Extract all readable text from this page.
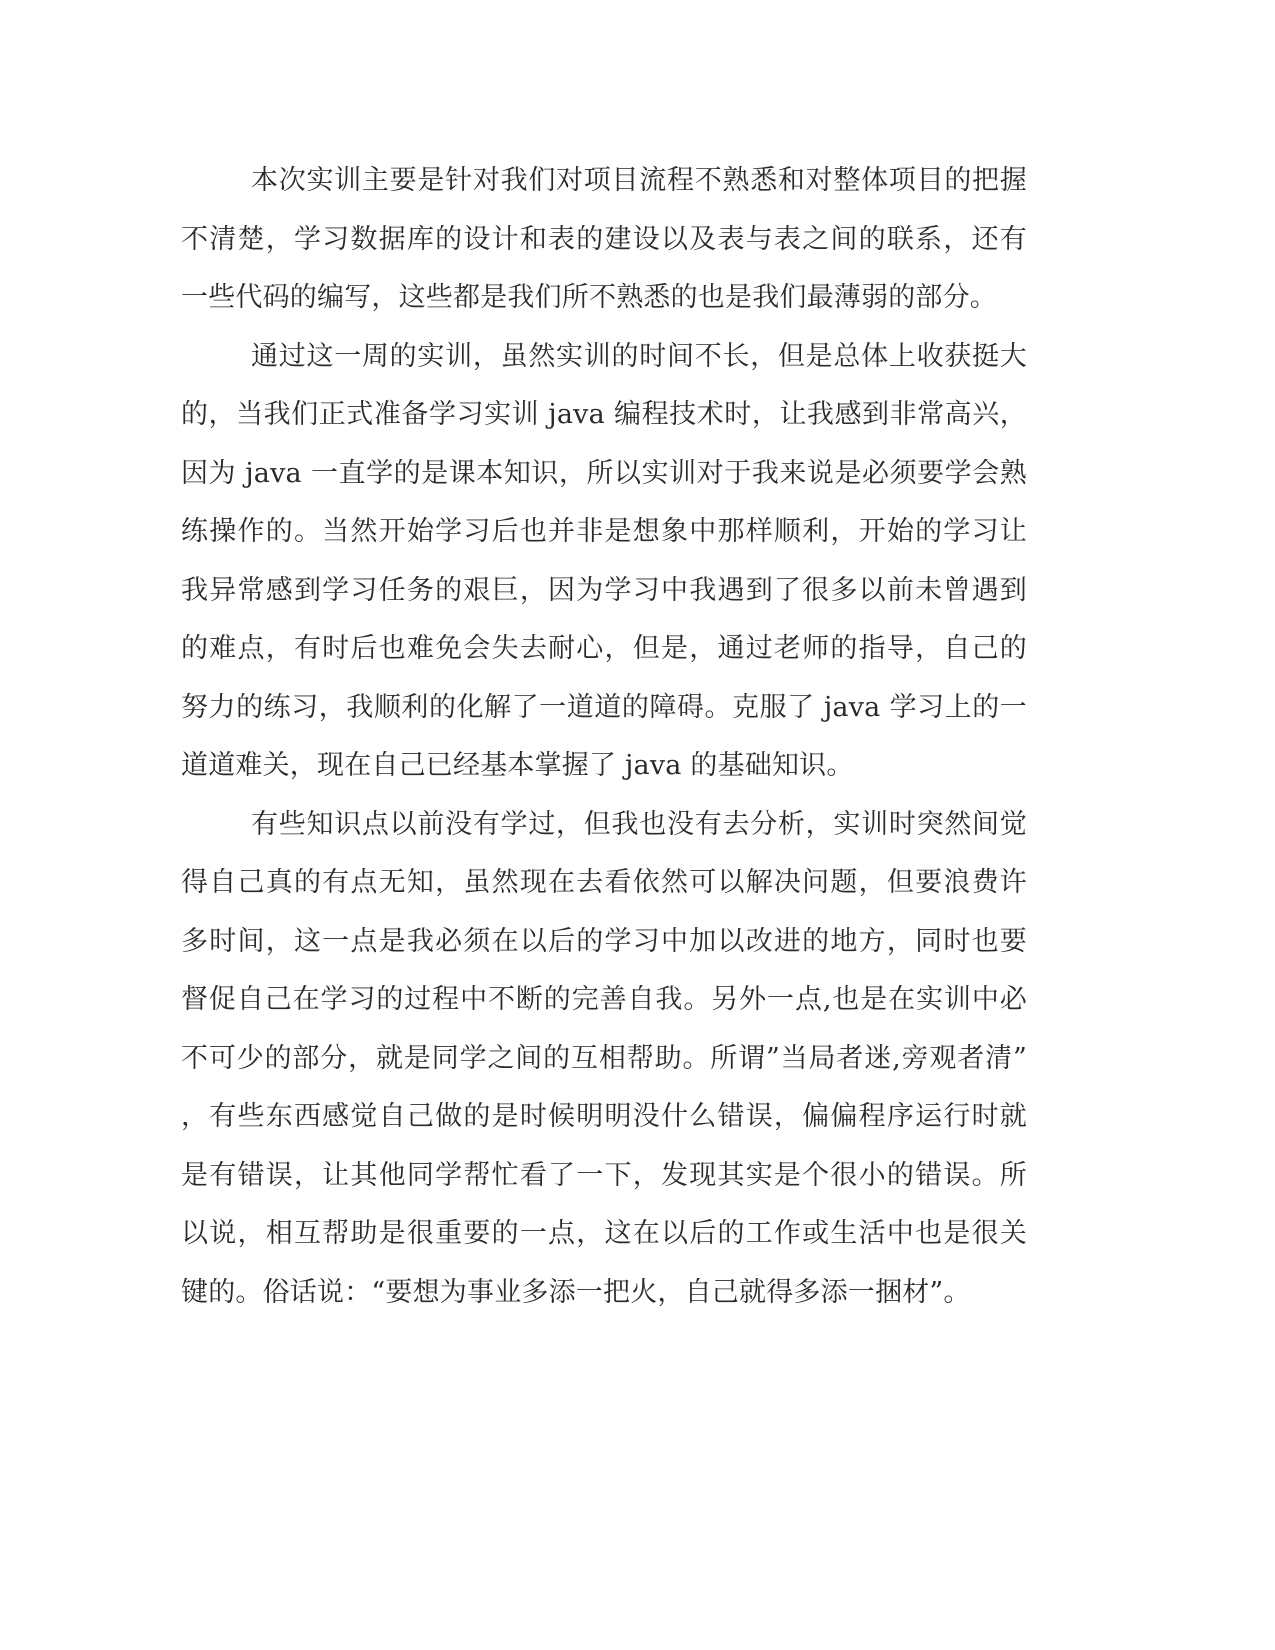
本次实训主要是针对我们对项目流程不熟悉和对整体项目的把握
不清楚，学习数据库的设计和表的建设以及表与表之间的联系，还有
一些代码的编写，这些都是我们所不熟悉的也是我们最薄弱的部分。
通过这一周的实训，虽然实训的时间不长，但是总体上收获挺大
的，当我们正式准备学习实训 java 编程技术时，让我感到非常高兴，
因为 java 一直学的是课本知识，所以实训对于我来说是必须要学会熟
练操作的。当然开始学习后也并非是想象中那样顺利，开始的学习让
我异常感到学习任务的艰巨，因为学习中我遇到了很多以前未曾遇到
的难点，有时后也难免会失去耐心，但是，通过老师的指导，自己的
努力的练习，我顺利的化解了一道道的障碍。克服了 java 学习上的一
道道难关，现在自己已经基本掌握了 java 的基础知识。
有些知识点以前没有学过，但我也没有去分析，实训时突然间觉
得自己真的有点无知，虽然现在去看依然可以解决问题，但要浪费许
多时间，这一点是我必须在以后的学习中加以改进的地方，同时也要
督促自己在学习的过程中不断的完善自我。另外一点,也是在实训中必
不可少的部分，就是同学之间的互相帮助。所谓”当局者迷,旁观者清”
，有些东西感觉自己做的是时候明明没什么错误，偏偏程序运行时就
是有错误，让其他同学帮忙看了一下，发现其实是个很小的错误。所
以说，相互帮助是很重要的一点，这在以后的工作或生活中也是很关
键的。俗话说：“要想为事业多添一把火，自己就得多添一捆材”。
